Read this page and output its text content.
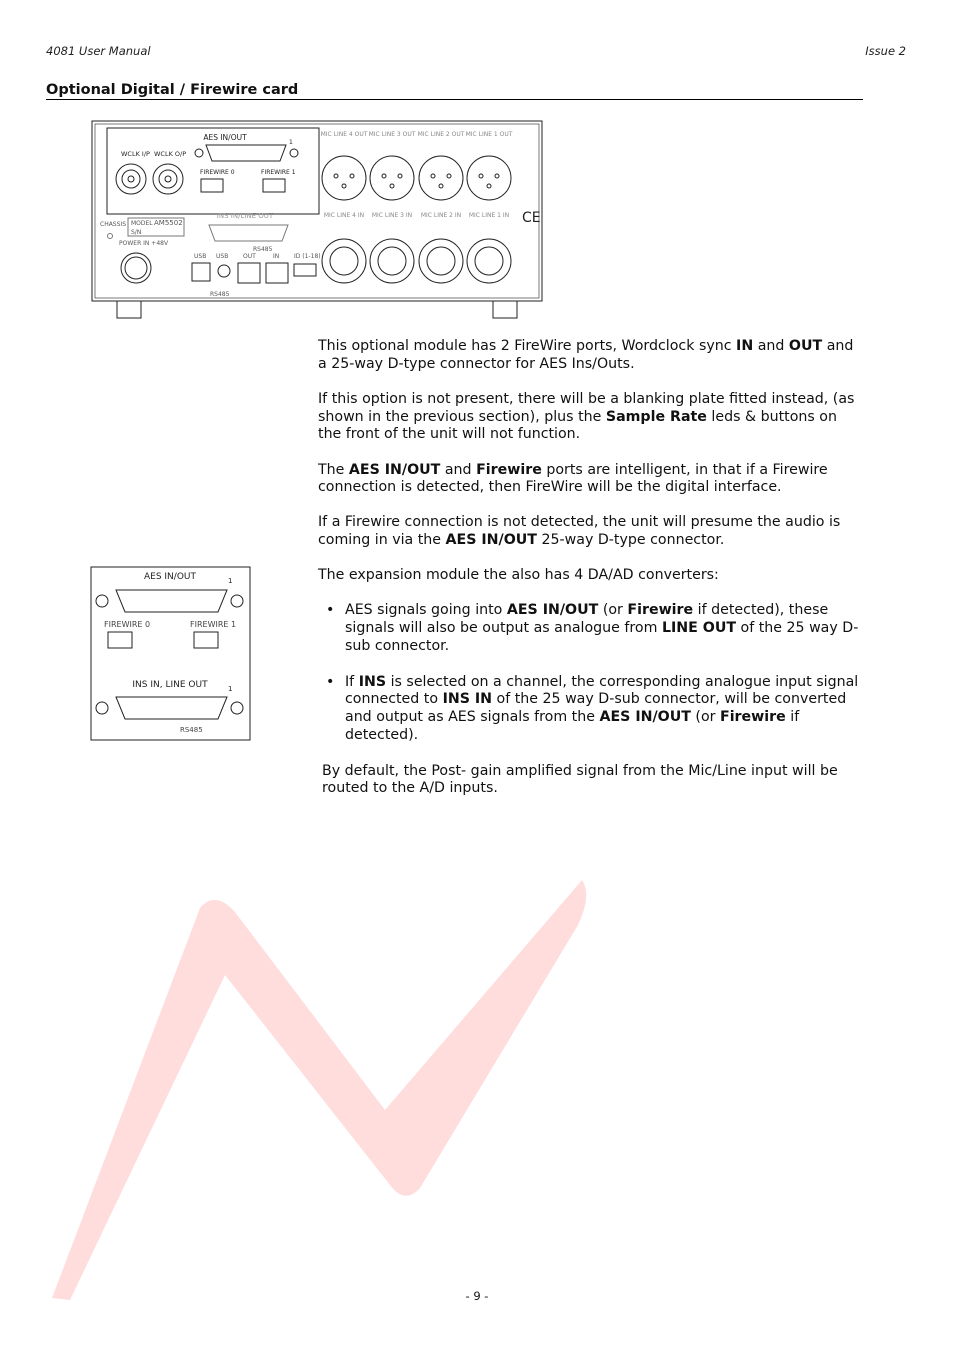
4081 User Manual	Issue 2
Optional Digital / Firewire card
AES IN/OUT
1
WCLK I/P WCLK O/P
FIREWIRE 0	FIREWIRE 1
INS IN/LINE OUT
RS485
CHASSIS MODEL AM5502
S/N
POWER IN +48V
USB USB OUT	IN ID (1-18)
RS485
MIC LINE 4 OUT MIC LINE 3 OUT MIC LINE 2 OUT MIC LINE 1 OUT
MIC LINE 4 IN MIC LINE 3 IN MIC LINE 2 IN MIC LINE 1 IN CE
AES IN/OUT	1
FIREWIRE 0	FIREWIRE 1
INS IN, LINE OUT	1
RS485

This optional module has 2 FireWire ports, Wordclock sync IN and OUT and a 25-way D-type connector for AES Ins/Outs.

If this option is not present, there will be a blanking plate fitted instead, (as shown in the previous section), plus the Sample Rate leds & buttons on the front of the unit will not function.

The AES IN/OUT and Firewire ports are intelligent, in that if a Firewire connection is detected, then FireWire will be the digital interface.

If a Firewire connection is not detected, the unit will presume the audio is coming in via the AES IN/OUT 25-way D-type connector.

The expansion module the also has 4 DA/AD converters:

• AES signals going into AES IN/OUT (or Firewire if detected), these signals will also be output as analogue from LINE OUT of the 25 way D-sub connector.
• If INS is selected on a channel, the corresponding analogue input signal connected to INS IN of the 25 way D-sub connector, will be converted and output as AES signals from the AES IN/OUT (or Firewire if detected).

By default, the Post- gain amplified signal from the Mic/Line input will be routed to the A/D inputs.

- 9 -
